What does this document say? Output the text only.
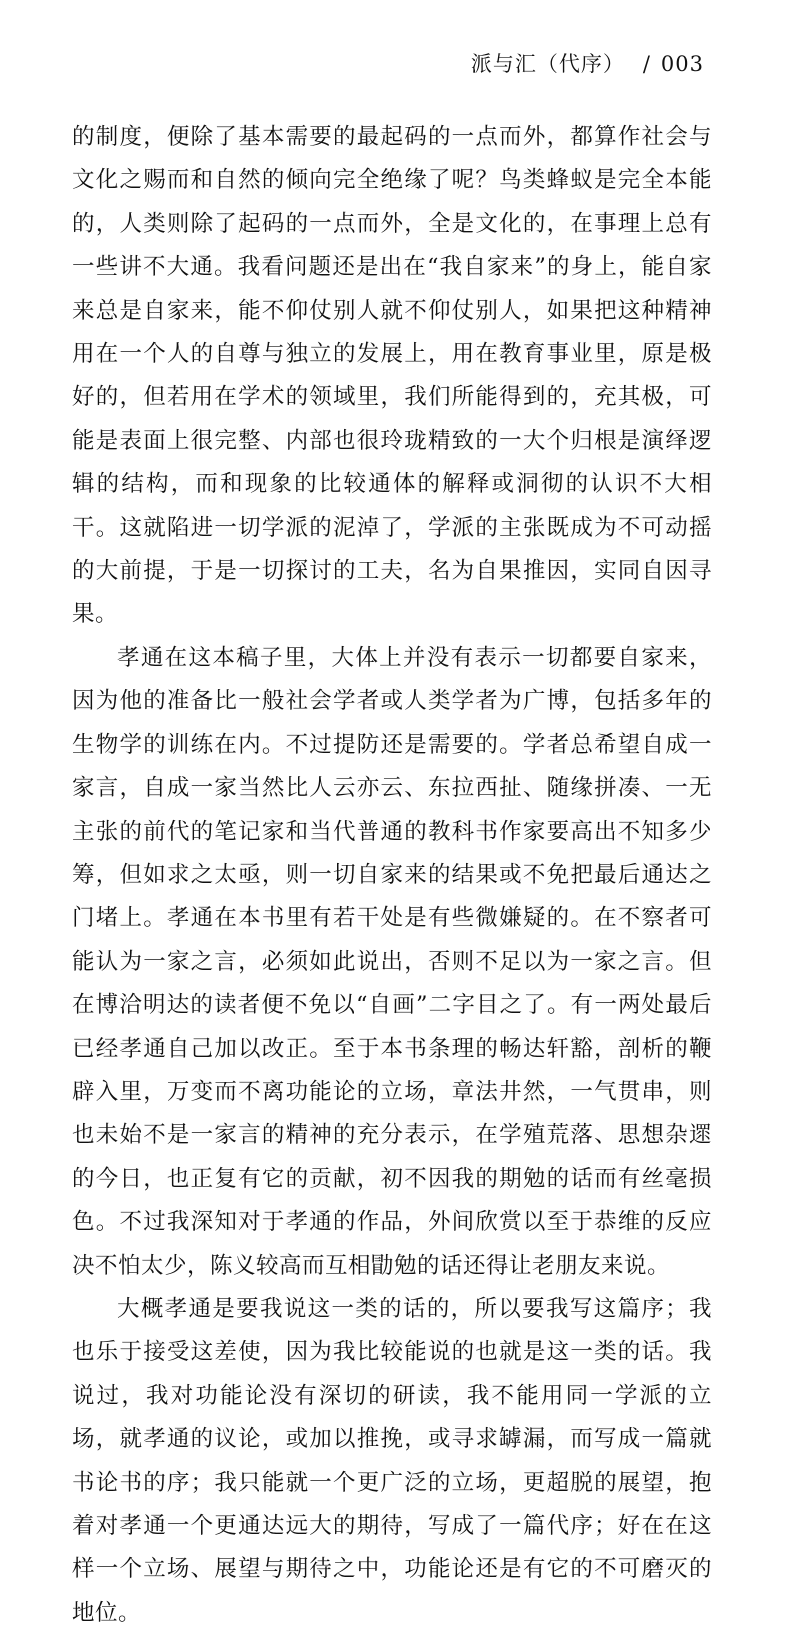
派与汇（代序） / 003

的制度，便除了基本需要的最起码的一点而外，都算作社会与文化之赐而和自然的倾向完全绝缘了呢？鸟类蜂蚁是完全本能的，人类则除了起码的一点而外，全是文化的，在事理上总有一些讲不大通。我看问题还是出在“我自家来”的身上，能自家来总是自家来，能不仰仗别人就不仰仗别人，如果把这种精神用在一个人的自尊与独立的发展上，用在教育事业里，原是极好的，但若用在学术的领域里，我们所能得到的，充其极，可能是表面上很完整、内部也很玲珑精致的一大个归根是演绎逻辑的结构，而和现象的比较通体的解释或洞彻的认识不大相干。这就陷进一切学派的泥淖了，学派的主张既成为不可动摇的大前提，于是一切探讨的工夫，名为自果推因，实同自因寻果。

孝通在这本稿子里，大体上并没有表示一切都要自家来，因为他的准备比一般社会学者或人类学者为广博，包括多年的生物学的训练在内。不过提防还是需要的。学者总希望自成一家言，自成一家当然比人云亦云、东拉西扯、随缘拼凑、一无主张的前代的笔记家和当代普通的教科书作家要高出不知多少筹，但如求之太亟，则一切自家来的结果或不免把最后通达之门堵上。孝通在本书里有若干处是有些微嫌疑的。在不察者可能认为一家之言，必须如此说出，否则不足以为一家之言。但在博洽明达的读者便不免以“自画”二字目之了。有一两处最后已经孝通自己加以改正。至于本书条理的畅达轩豁，剖析的鞭辟入里，万变而不离功能论的立场，章法井然，一气贯串，则也未始不是一家言的精神的充分表示，在学殖荒落、思想杂遝的今日，也正复有它的贡献，初不因我的期勉的话而有丝毫损色。不过我深知对于孝通的作品，外间欣赏以至于恭维的反应决不怕太少，陈义较高而互相勖勉的话还得让老朋友来说。

大概孝通是要我说这一类的话的，所以要我写这篇序；我也乐于接受这差使，因为我比较能说的也就是这一类的话。我说过，我对功能论没有深切的研读，我不能用同一学派的立场，就孝通的议论，或加以推挽，或寻求罅漏，而写成一篇就书论书的序；我只能就一个更广泛的立场，更超脱的展望，抱着对孝通一个更通达远大的期待，写成了一篇代序；好在在这样一个立场、展望与期待之中，功能论还是有它的不可磨灭的地位。
